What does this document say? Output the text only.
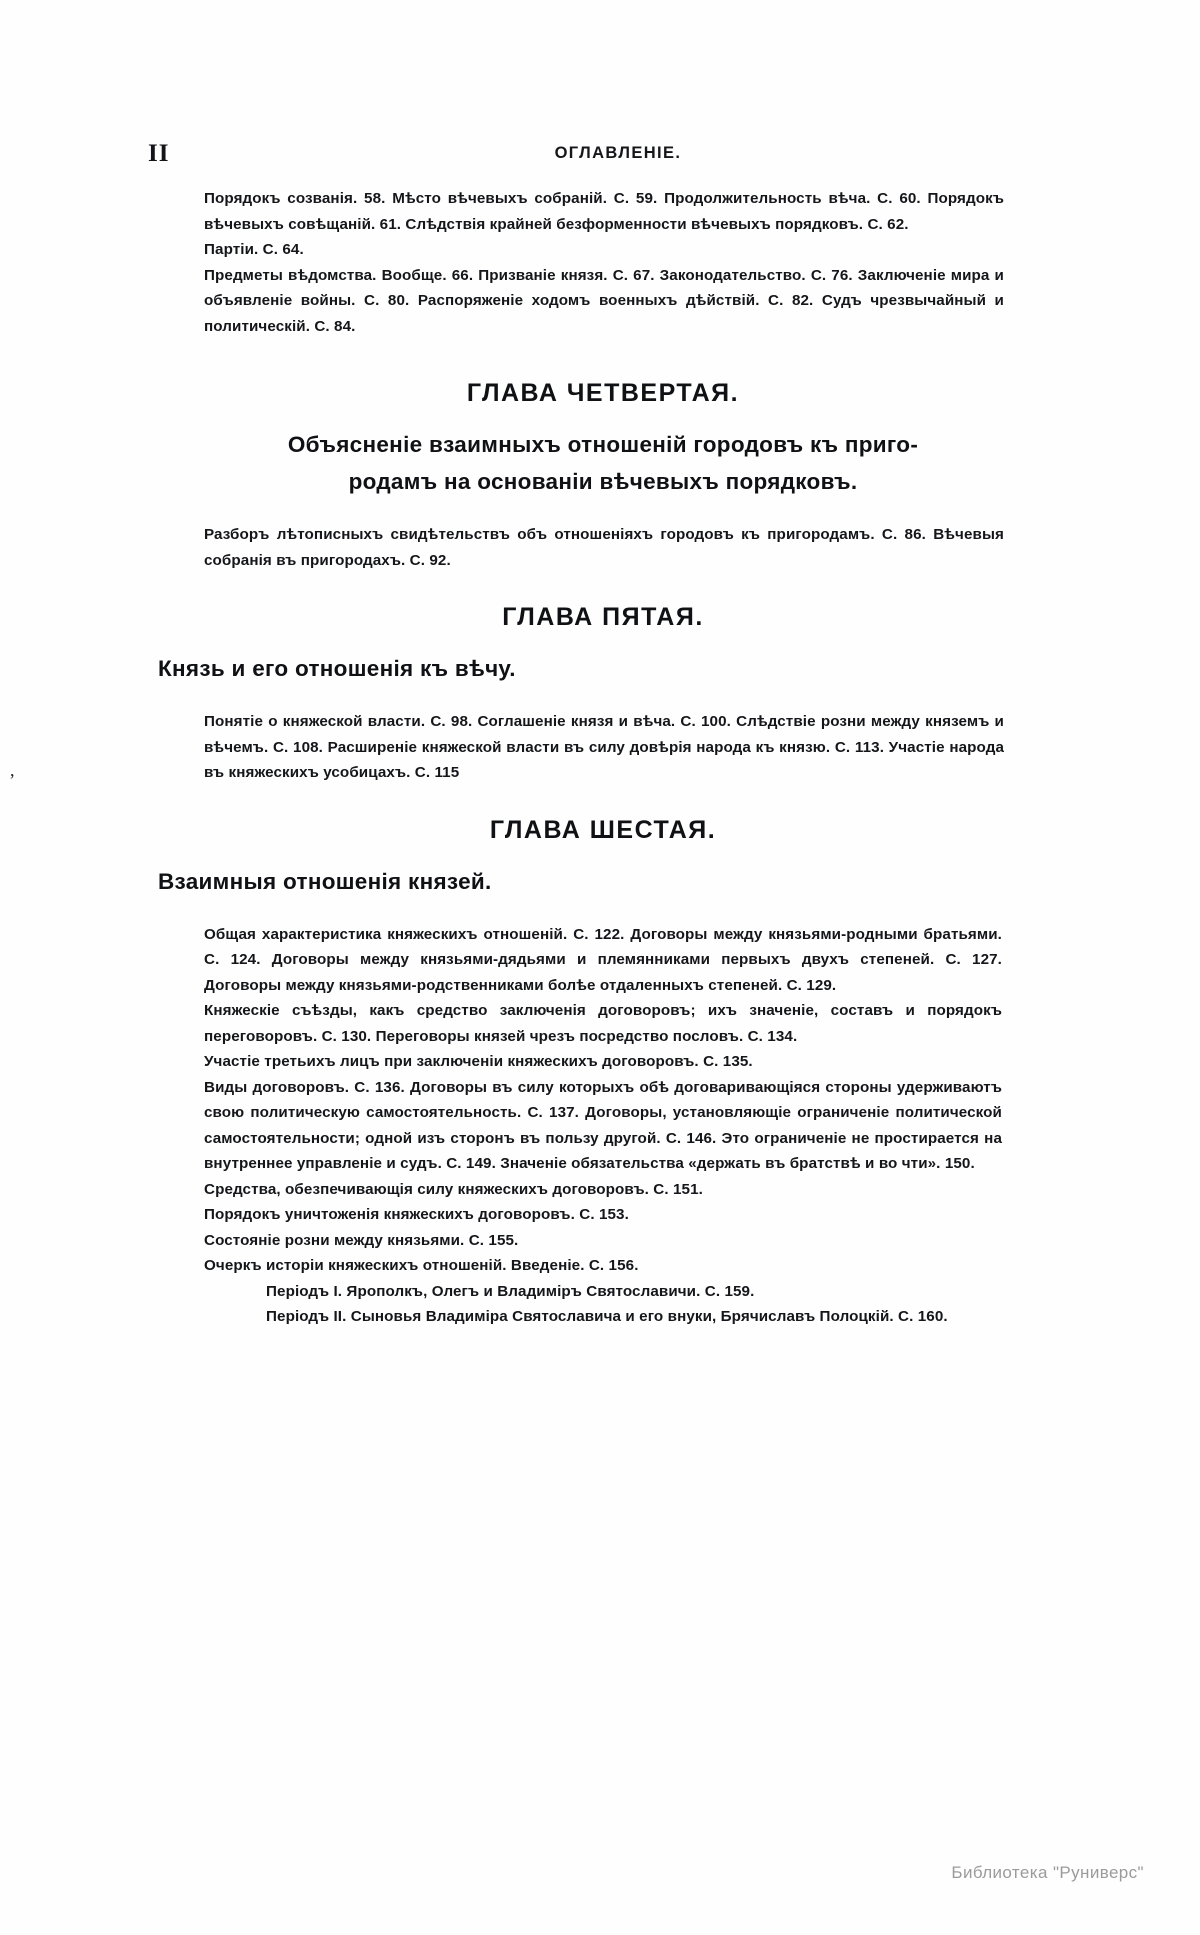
II	ОГЛАВЛЕНІЕ.

Порядокъ созванія. 58. Мѣсто вѣчевыхъ собраній. С. 59. Продолжительность вѣча. С. 60. Порядокъ вѣчевыхъ совѣщаній. 61. Слѣдствія крайней безформенности вѣчевыхъ порядковъ. С. 62.

Партіи. С. 64.

Предметы вѣдомства. Вообще. 66. Призваніе князя. С. 67. Законодательство. С. 76. Заключеніе мира и объявленіе войны. С. 80. Распоряженіе ходомъ военныхъ дѣйствій. С. 82. Судъ чрезвычайный и политическій. С. 84.

ГЛАВА ЧЕТВЕРТАЯ.
Объясненіе взаимныхъ отношеній городовъ къ приго-
родамъ на основаніи вѣчевыхъ порядковъ.

Разборъ лѣтописныхъ свидѣтельствъ объ отношеніяхъ городовъ къ пригородамъ. С. 86. Вѣчевыя собранія въ пригородахъ. С. 92.

ГЛАВА ПЯТАЯ.
Князь и его отношенія къ вѣчу.

Понятіе о княжеской власти. С. 98. Соглашеніе князя и вѣча. С. 100. Слѣдствіе розни между княземъ и вѣчемъ. С. 108. Расширеніе княжеской власти въ силу довѣрія народа къ князю. С. 113. Участіе народа въ княжескихъ усобицахъ. С. 115

ГЛАВА ШЕСТАЯ.
Взаимныя отношенія князей.

Общая характеристика княжескихъ отношеній. С. 122. Договоры между князьями-родными братьями. С. 124. Договоры между князьями-дядьями и племянниками первыхъ двухъ степеней. С. 127. Договоры между князьями-родственниками болѣе отдаленныхъ степеней. С. 129.

Княжескіе съѣзды, какъ средство заключенія договоровъ; ихъ значеніе, составъ и порядокъ переговоровъ. С. 130. Переговоры князей чрезъ посредство пословъ. С. 134.

Участіе третьихъ лицъ при заключеніи княжескихъ договоровъ. С. 135.

Виды договоровъ. С. 136. Договоры въ силу которыхъ обѣ договаривающіяся стороны удерживаютъ свою политическую самостоятельность. С. 137. Договоры, установляющіе ограниченіе политической самостоятельности; одной изъ сторонъ въ пользу другой. С. 146. Это ограниченіе не простирается на внутреннее управленіе и судъ. С. 149. Значеніе обязательства «держать въ братствѣ и во чти». 150.

Средства, обезпечивающія силу княжескихъ договоровъ. С. 151.

Порядокъ уничтоженія княжескихъ договоровъ. С. 153.

Состояніе розни между князьями. С. 155.

Очеркъ исторіи княжескихъ отношеній. Введеніе. С. 156.

Періодъ I. Ярополкъ, Олегъ и Владиміръ Святославичи. С. 159.

Періодъ II. Сыновья Владиміра Святославича и его внуки, Брячиславъ Полоцкій. С. 160.

,
Библиотека "Руниверс"
